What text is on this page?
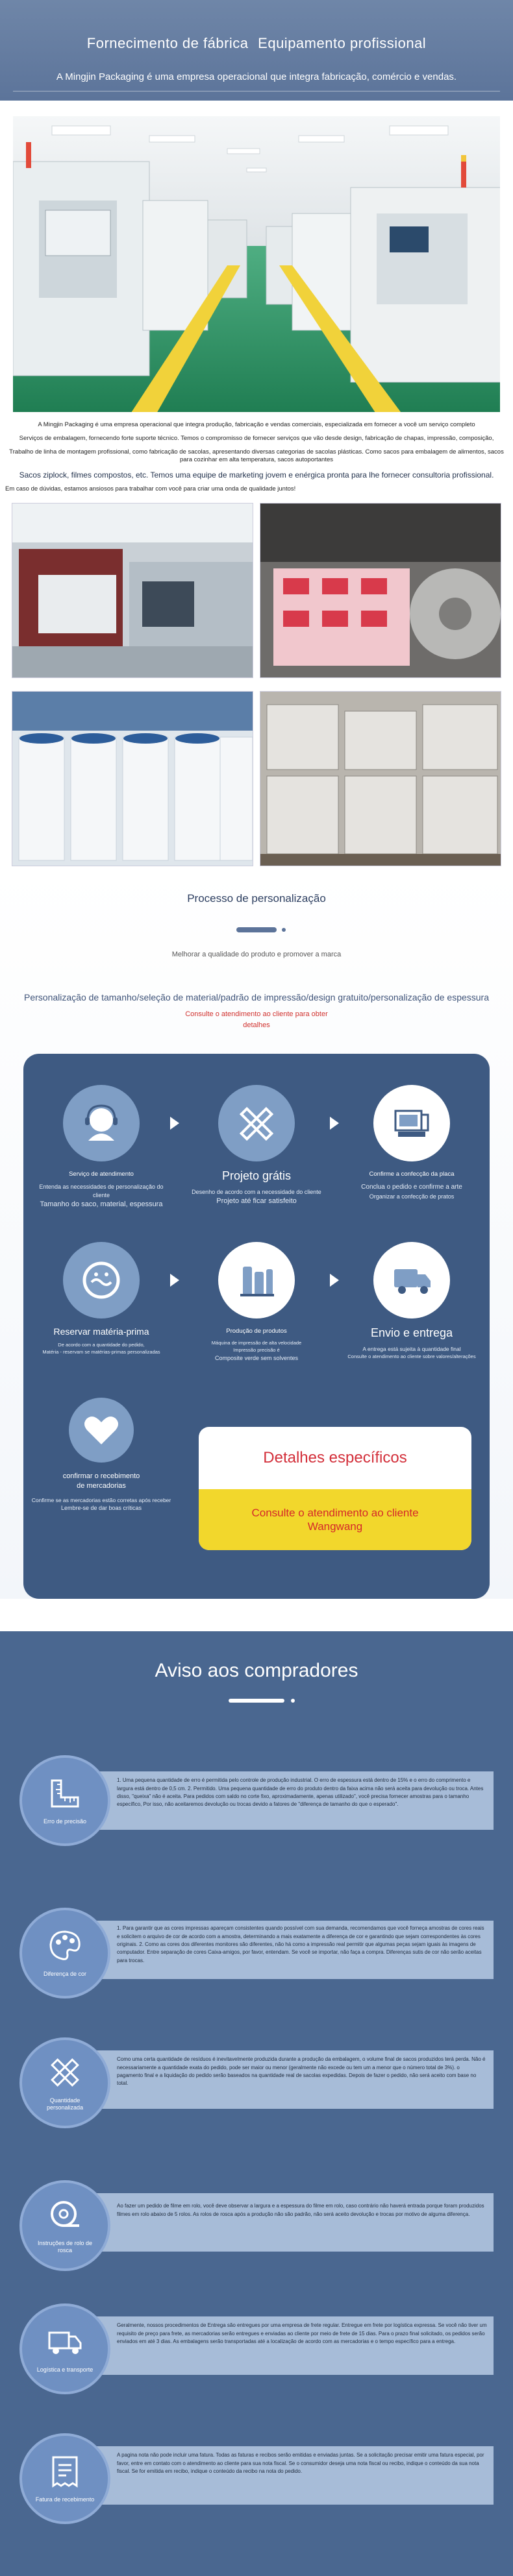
Fornecimento de fábrica Equipamento profissional
A Mingjin Packaging é uma empresa operacional que integra fabricação, comércio e vendas.

A Mingjin Packaging é uma empresa operacional que integra produção, fabricação e vendas comerciais, especializada em fornecer a você um serviço completo

Serviços de embalagem, fornecendo forte suporte técnico. Temos o compromisso de fornecer serviços que vão desde design, fabricação de chapas, impressão, composição,

Trabalho de linha de montagem profissional, como fabricação de sacolas, apresentando diversas categorias de sacolas plásticas. Como sacos para embalagem de alimentos, sacos para cozinhar em alta temperatura, sacos autoportantes

Sacos ziplock, filmes compostos, etc. Temos uma equipe de marketing jovem e enérgica pronta para lhe fornecer consultoria profissional.

Em caso de dúvidas, estamos ansiosos para trabalhar com você para criar uma onda de qualidade juntos!

Processo de personalização
Melhorar a qualidade do produto e promover a marca
Personalização de tamanho/seleção de material/padrão de impressão/design gratuito/personalização de espessura
Consulte o atendimento ao cliente para obter
detalhes
Serviço de atendimento
Entenda as necessidades de personalização do
cliente
Tamanho do saco, material, espessura
Projeto grátis
Desenho de acordo com a necessidade do cliente
Projeto até ficar satisfeito
Confirme a confecção da placa
Conclua o pedido e confirme a arte
Organizar a confecção de pratos
Reservar matéria-prima
De acordo com a quantidade do pedido,
Matéria - reservam se matérias-primas personalizadas
Produção de produtos
Máquina de impressão de alta velocidade
Impressão precisão é
Composite verde sem solventes
Envio e entrega
A entrega está sujeita à quantidade final
Consulte o atendimento ao cliente sobre valores/alterações
confirmar o recebimento
de mercadorias
Confirme se as mercadorias estão corretas após receber
Lembre-se de dar boas críticas
Detalhes específicos
Consulte o atendimento ao cliente Wangwang
Aviso aos compradores
Erro de precisão
1. Uma pequena quantidade de erro é permitida pelo controle de produção industrial. O erro de espessura está dentro de 15% e o erro do comprimento e largura está dentro de 0,5 cm. 2. Permitido. Uma pequena quantidade de erro do produto dentro da faixa acima não será aceita para devolução ou troca. Antes disso, "queixa" não é aceita. Para pedidos com saldo no corte fixo, aproximadamente, apenas utilizado", você precisa fornecer amostras para o tamanho específico, Por isso, não aceitaremos devolução ou trocas devido a fatores de "diferença de tamanho do que o esperado".
Diferença de cor
1. Para garantir que as cores impressas apareçam consistentes quando possível com sua demanda, recomendamos que você forneça amostras de cores reais e solicitem o arquivo de cor de acordo com a amostra, determinando a mais exatamente a diferença de cor e garantindo que sejam correspondentes às cores originais. 2. Como as cores dos diferentes monitores são diferentes, não há como a impressão real permitir que algumas peças sejam iguais às imagens de computador. Entre separação de cores Caixa-amigos, por favor, entendam. Se você se importar, não faça a compra. Diferenças sutis de cor não serão aceitas para trocas.
Quantidade personalizada
Como uma certa quantidade de resíduos é inevitavelmente produzida durante a produção da embalagem, o volume final de sacos produzidos terá perda. Não é necessariamente a quantidade exata do pedido, pode ser maior ou menor (geralmente não excede ou tem um a menor que o número total de 3%). o pagamento final e a liquidação do pedido serão baseados na quantidade real de sacolas expedidas. Depois de fazer o pedido, não será aceito com base no total.
Instruções de rolo de rosca
Ao fazer um pedido de filme em rolo, você deve observar a largura e a espessura do filme em rolo, caso contrário não haverá entrada porque foram produzidos filmes em rolo abaixo de 5 rolos. As rolos de rosca após a produção não são padrão, não será aceito devolução e trocas por motivo de alguma diferença.
Logística e transporte
Geralmente, nossos procedimentos de Entrega são entregues por uma empresa de frete regular. Entregue em frete por logística expressa. Se você não tiver um requisito de preço para frete, as mercadorias serão entregues e enviadas ao cliente por meio de frete de 15 dias. Para o prazo final solicitado, os pedidos serão enviados em até 3 dias. As embalagens serão transportadas até a localização de acordo com as mercadorias e o tempo específico para a entrega.
Fatura de recebimento
A pagina nota não pode incluir uma fatura. Todas as faturas e recibos serão emitidas e enviadas juntas. Se a solicitação precisar emitir uma fatura especial, por favor, entre em contato com o atendimento ao cliente para sua nota fiscal. Se o consumidor deseja uma nota fiscal ou recibo, indique o conteúdo da sua nota fiscal. Se for emitida em recibo, indique o conteúdo da recibo na nota do pedido.
